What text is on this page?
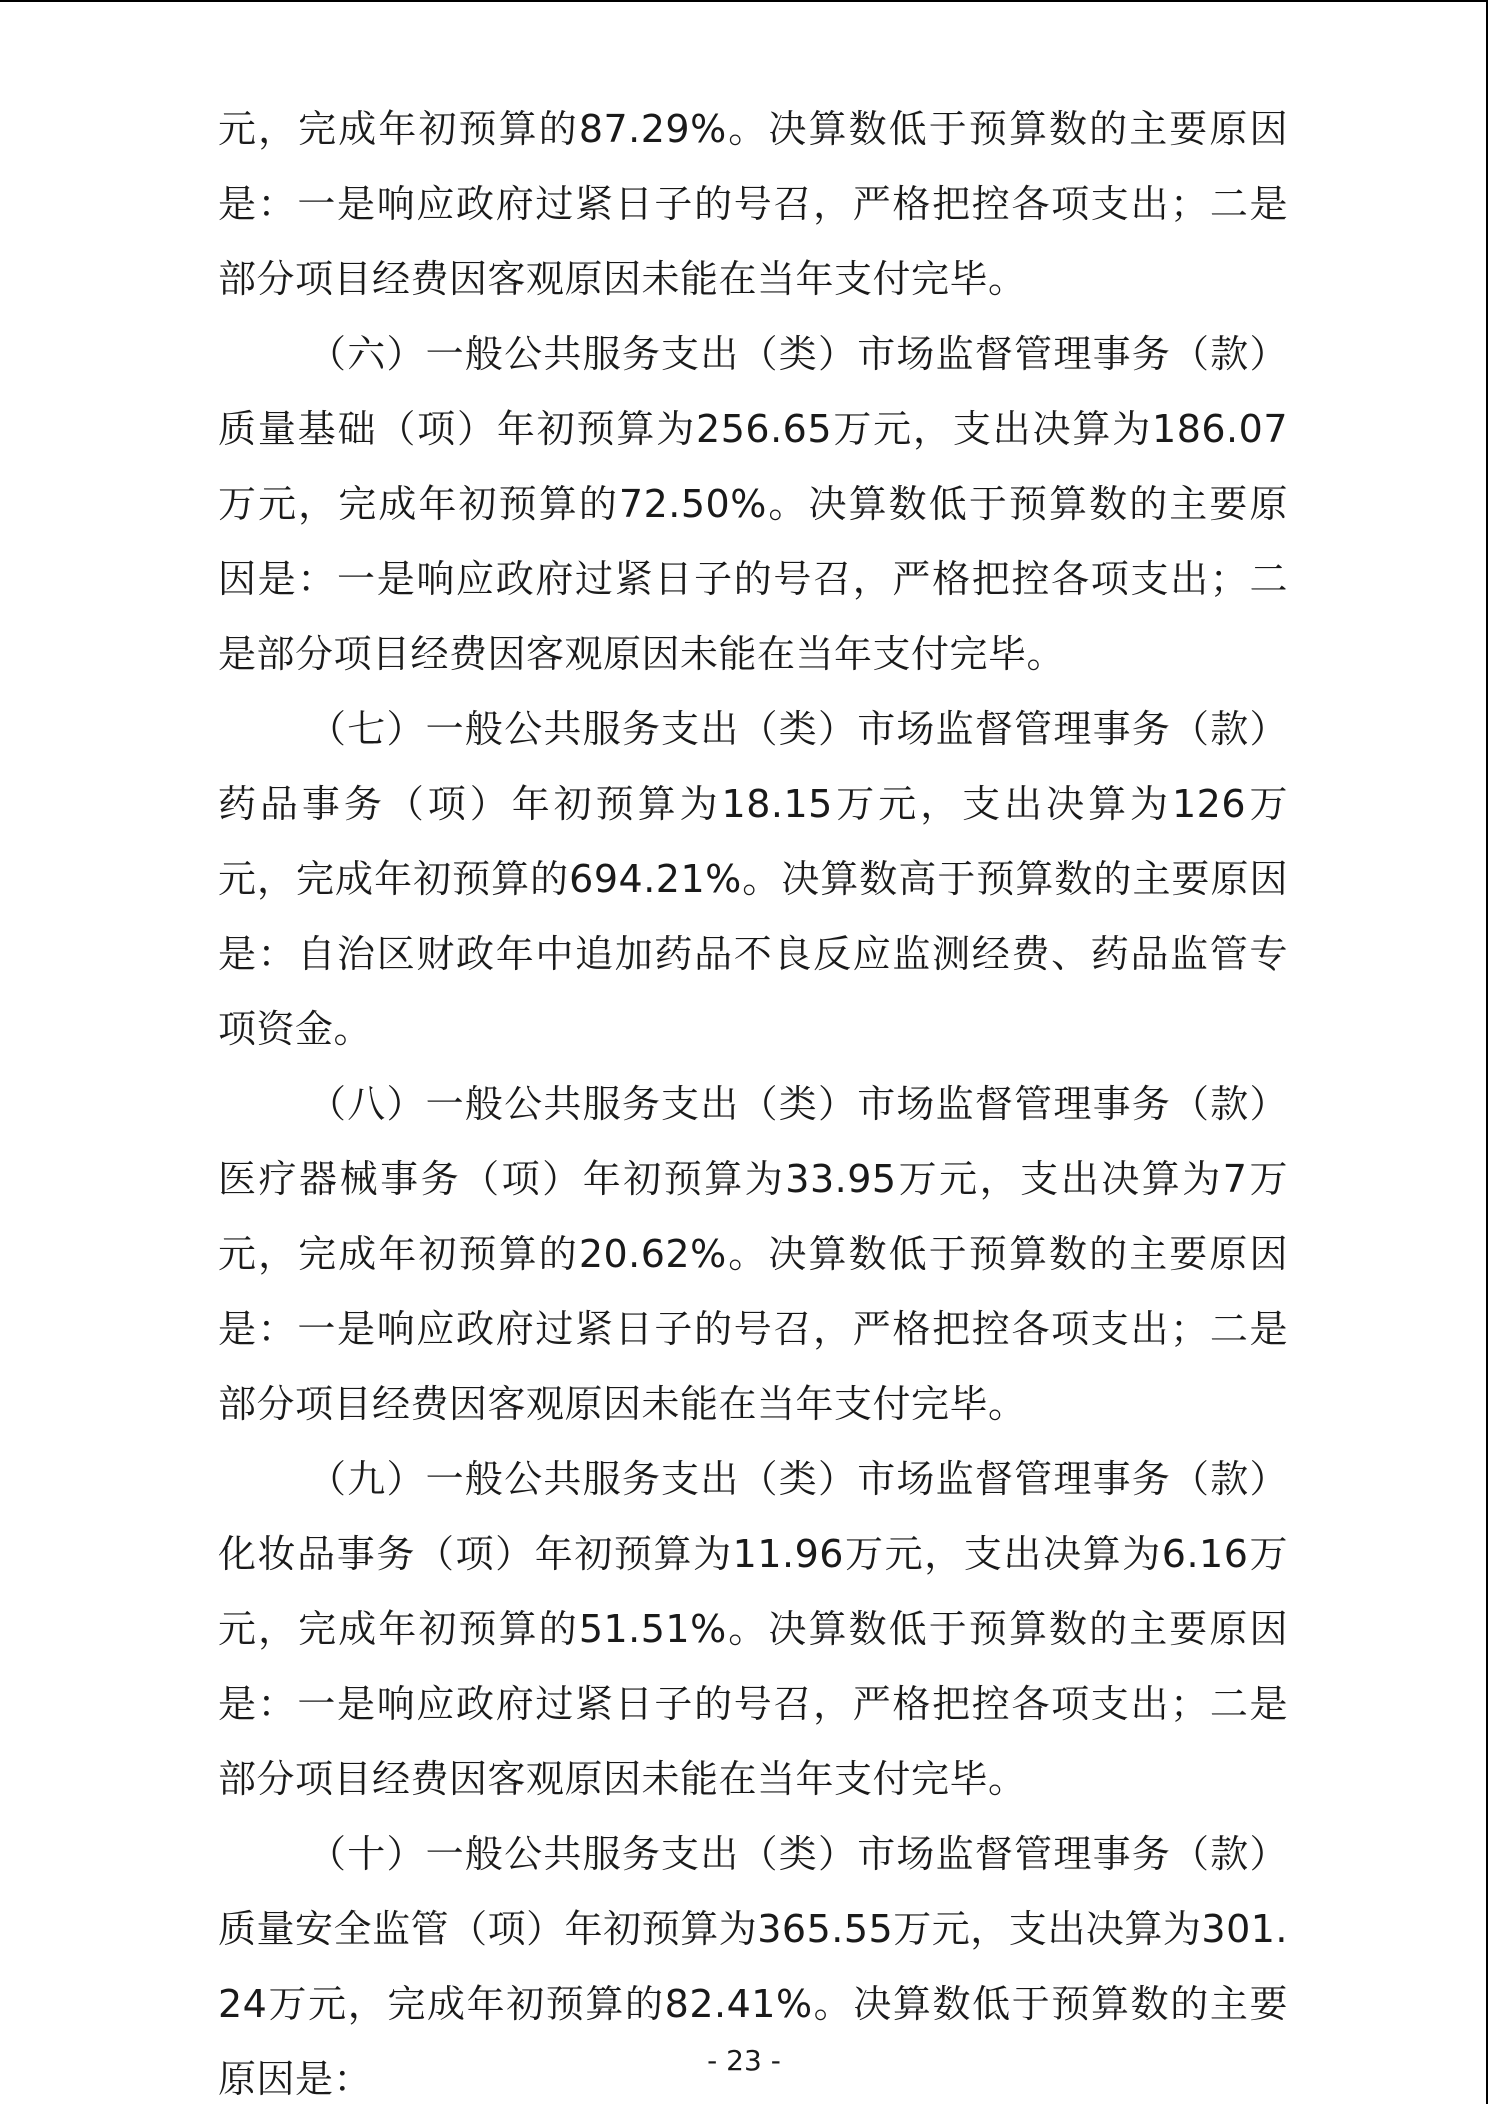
元，完成年初预算的87.29%。决算数低于预算数的主要原因是：一是响应政府过紧日子的号召，严格把控各项支出；二是部分项目经费因客观原因未能在当年支付完毕。

（六）一般公共服务支出（类）市场监督管理事务（款）质量基础（项）年初预算为256.65万元，支出决算为186.07万元，完成年初预算的72.50%。决算数低于预算数的主要原因是：一是响应政府过紧日子的号召，严格把控各项支出；二是部分项目经费因客观原因未能在当年支付完毕。

（七）一般公共服务支出（类）市场监督管理事务（款）药品事务（项）年初预算为18.15万元，支出决算为126万元，完成年初预算的694.21%。决算数高于预算数的主要原因是：自治区财政年中追加药品不良反应监测经费、药品监管专项资金。

（八）一般公共服务支出（类）市场监督管理事务（款）医疗器械事务（项）年初预算为33.95万元，支出决算为7万元，完成年初预算的20.62%。决算数低于预算数的主要原因是：一是响应政府过紧日子的号召，严格把控各项支出；二是部分项目经费因客观原因未能在当年支付完毕。

（九）一般公共服务支出（类）市场监督管理事务（款）化妆品事务（项）年初预算为11.96万元，支出决算为6.16万元，完成年初预算的51.51%。决算数低于预算数的主要原因是：一是响应政府过紧日子的号召，严格把控各项支出；二是部分项目经费因客观原因未能在当年支付完毕。

（十）一般公共服务支出（类）市场监督管理事务（款）质量安全监管（项）年初预算为365.55万元，支出决算为301.24万元，完成年初预算的82.41%。决算数低于预算数的主要原因是：	- 23 -
